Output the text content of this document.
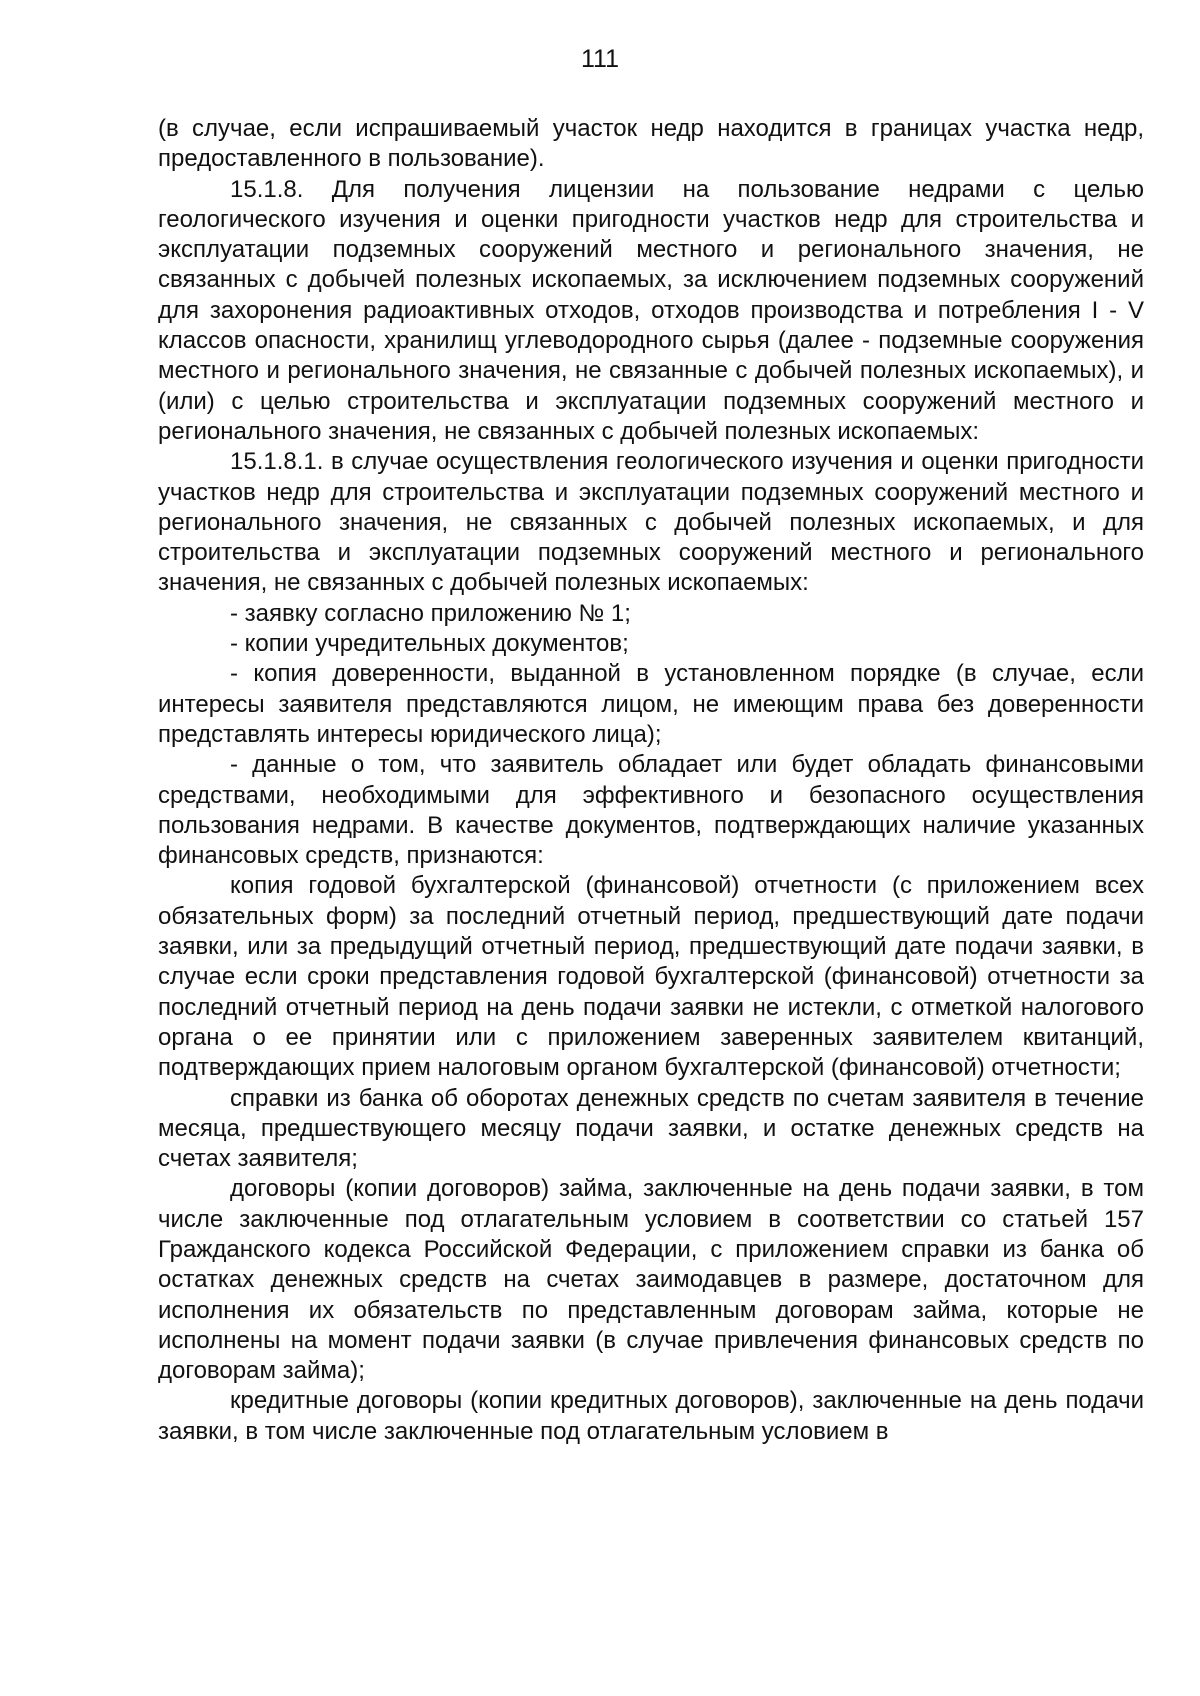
111

(в случае, если испрашиваемый участок недр находится в границах участка недр, предоставленного в пользование).

15.1.8. Для получения лицензии на пользование недрами с целью геологического изучения и оценки пригодности участков недр для строительства и эксплуатации подземных сооружений местного и регионального значения, не связанных с добычей полезных ископаемых, за исключением подземных сооружений для захоронения радиоактивных отходов, отходов производства и потребления I - V классов опасности, хранилищ углеводородного сырья (далее - подземные сооружения местного и регионального значения, не связанные с добычей полезных ископаемых), и (или) с целью строительства и эксплуатации подземных сооружений местного и регионального значения, не связанных с добычей полезных ископаемых:

15.1.8.1. в случае осуществления геологического изучения и оценки пригодности участков недр для строительства и эксплуатации подземных сооружений местного и регионального значения, не связанных с добычей полезных ископаемых, и для строительства и эксплуатации подземных сооружений местного и регионального значения, не связанных с добычей полезных ископаемых:

- заявку согласно приложению № 1;

- копии учредительных документов;

- копия доверенности, выданной в установленном порядке (в случае, если интересы заявителя представляются лицом, не имеющим права без доверенности представлять интересы юридического лица);

- данные о том, что заявитель обладает или будет обладать финансовыми средствами, необходимыми для эффективного и безопасного осуществления пользования недрами. В качестве документов, подтверждающих наличие указанных финансовых средств, признаются:

копия годовой бухгалтерской (финансовой) отчетности (с приложением всех обязательных форм) за последний отчетный период, предшествующий дате подачи заявки, или за предыдущий отчетный период, предшествующий дате подачи заявки, в случае если сроки представления годовой бухгалтерской (финансовой) отчетности за последний отчетный период на день подачи заявки не истекли, с отметкой налогового органа о ее принятии или с приложением заверенных заявителем квитанций, подтверждающих прием налоговым органом бухгалтерской (финансовой) отчетности;

справки из банка об оборотах денежных средств по счетам заявителя в течение месяца, предшествующего месяцу подачи заявки, и остатке денежных средств на счетах заявителя;

договоры (копии договоров) займа, заключенные на день подачи заявки, в том числе заключенные под отлагательным условием в соответствии со статьей 157 Гражданского кодекса Российской Федерации, с приложением справки из банка об остатках денежных средств на счетах заимодавцев в размере, достаточном для исполнения их обязательств по представленным договорам займа, которые не исполнены на момент подачи заявки (в случае привлечения финансовых средств по договорам займа);

кредитные договоры (копии кредитных договоров), заключенные на день подачи заявки, в том числе заключенные под отлагательным условием в
